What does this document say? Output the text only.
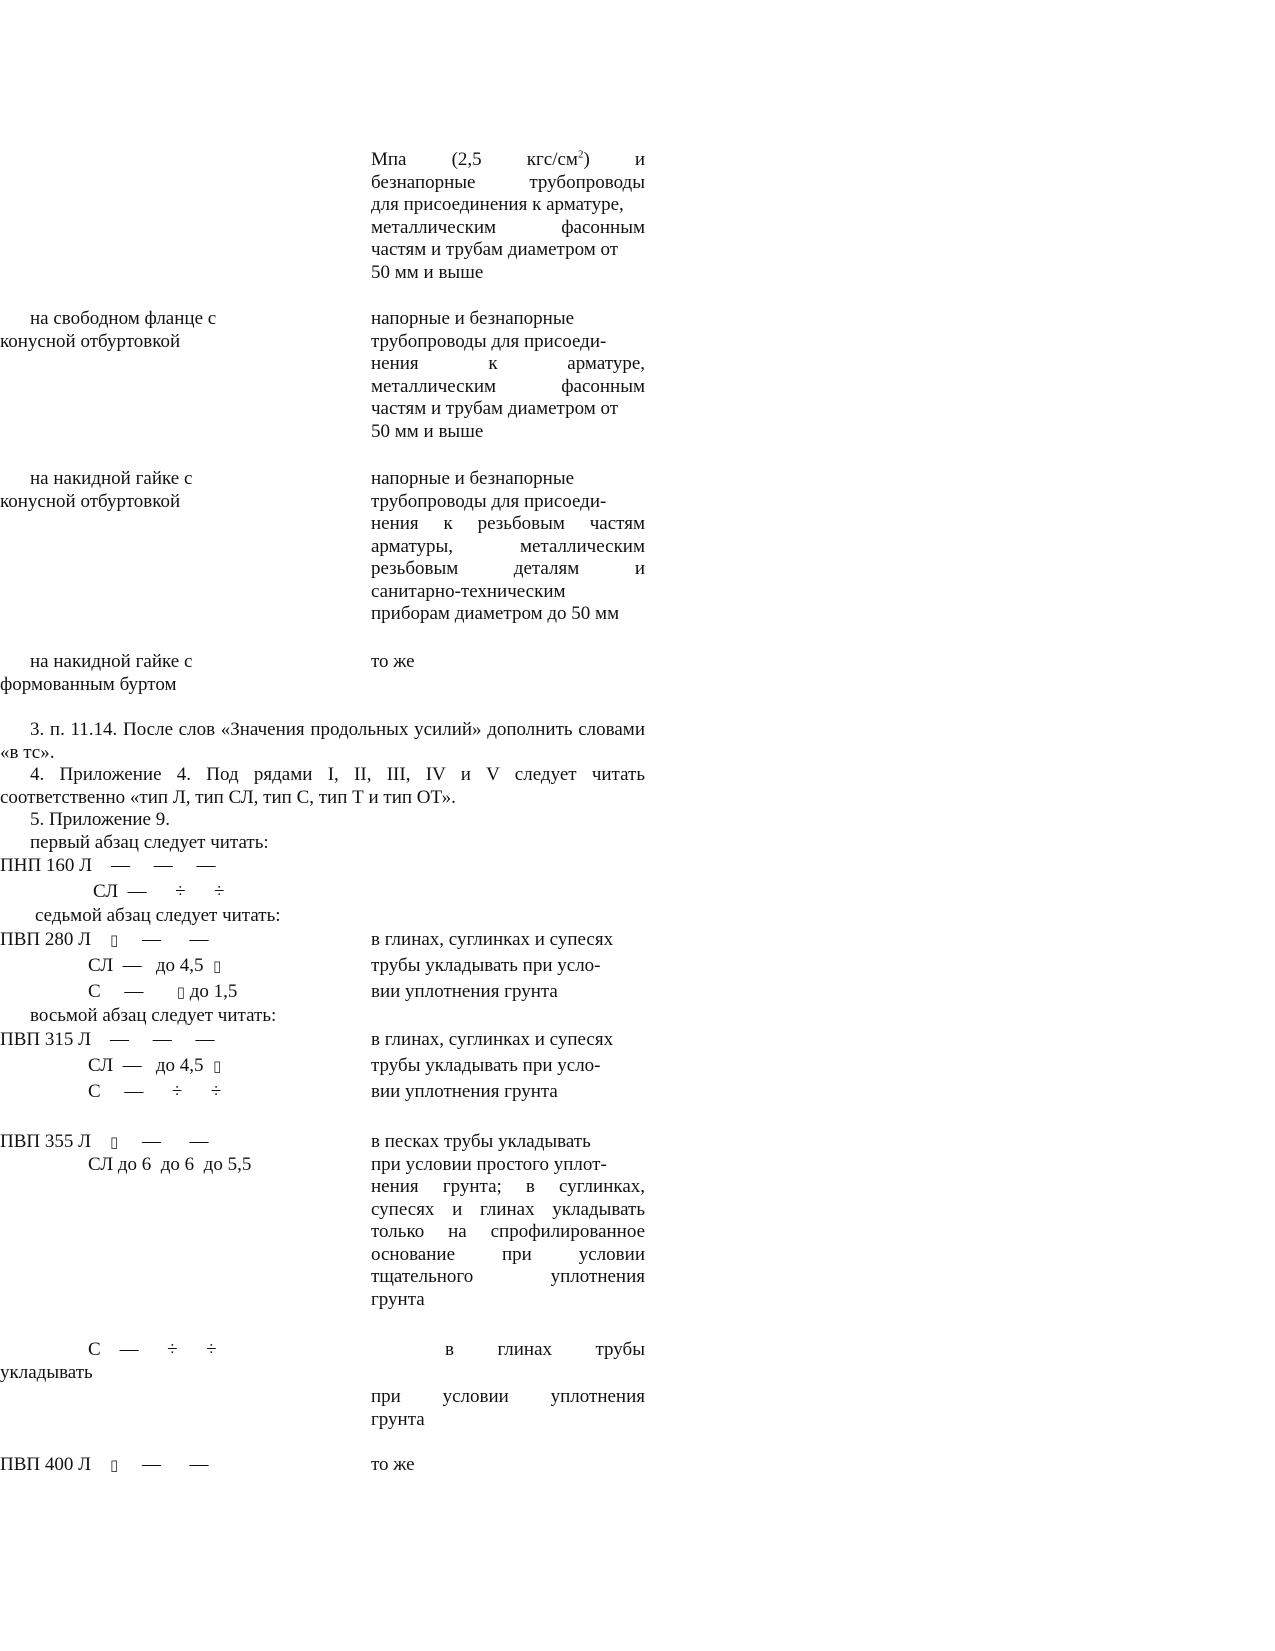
Мпа (2,5 кгс/$см^2$) и
безнапорные трубопроводы
для присоединения к арматуре,
металлическим фасонным
частям и трубам диаметром от
50 мм и выше
на свободном фланце с
конусной отбуртовкой
напорные и безнапорные
трубопроводы для присоеди-
нения к арматуре,
металлическим фасонным
частям и трубам диаметром от
50 мм и выше
на накидной гайке с
конусной отбуртовкой
напорные и безнапорные
трубопроводы для присоеди-
нения к резьбовым частям
арматуры, металлическим
резьбовым деталям и
санитарно-техническим
приборам диаметром до 50 мм
на накидной гайке с
формованным буртом
то же

3. п. 11.14. После слов «Значения продольных усилий» дополнить словами «в тс».

4. Приложение 4. Под рядами I, II, III, IV и V следует читать соответственно «тип Л, тип СЛ, тип С, тип Т и тип ОТ».

5. Приложение 9.

первый абзац следует читать:

ПНП 160 Л    —     —     —
СЛ  —      ÷      ÷

седьмой абзац следует читать:

ПВП 280 Л    ▯     —      —
СЛ  —   до 4,5  ▯
С     —       ▯ до 1,5
в глинах, суглинках и супесях
трубы укладывать при усло-
вии уплотнения грунта

восьмой абзац следует читать:

ПВП 315 Л    —     —     —
СЛ  —   до 4,5  ▯
С     —      ÷      ÷
в глинах, суглинках и супесях
трубы укладывать при усло-
вии уплотнения грунта
ПВП 355 Л    ▯     —      —
СЛ до 6  до 6  до 5,5
в песках трубы укладывать
при условии простого уплот-
нения грунта; в суглинках,
супесях и глинах укладывать
только на спрофилированное
основание при условии
тщательного уплотнения
грунта
С    —      ÷      ÷	в глинах трубы

укладывать

при условии уплотнения
грунта
ПВП 400 Л    ▯     —      —	то же
